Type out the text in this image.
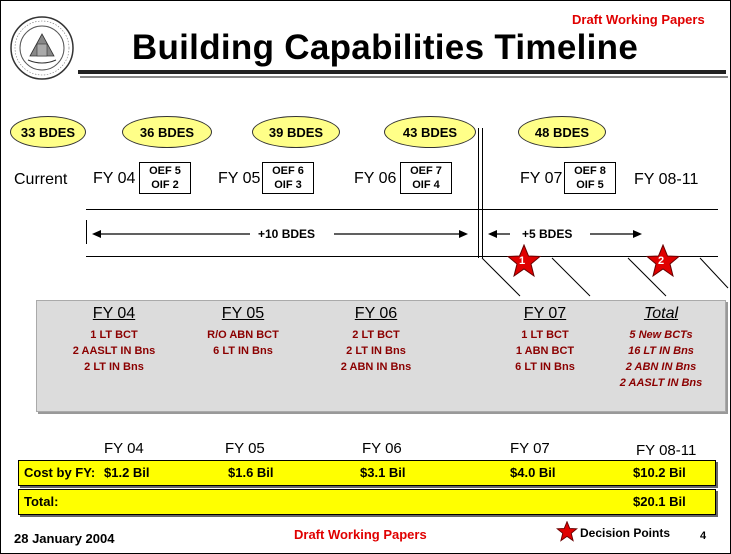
Draft Working Papers
Building Capabilities Timeline
33 BDES	36 BDES	39 BDES	43 BDES	48 BDES
Current FY 04	OEF 5
OIF 2	FY 05	OEF 6
OIF 3	FY 06	OEF 7
OIF 4	FY 07	OEF 8
OIF 5	FY 08-11
+10 BDES	+5 BDES
1	2
FY 04
1 LT BCT
2 AASLT IN Bns
2 LT IN Bns
FY 05
R/O ABN BCT
6 LT IN Bns
FY 06
2 LT BCT
2 LT IN Bns
2 ABN IN Bns
FY 07
1 LT BCT
1 ABN BCT
6 LT IN Bns
Total
5 New BCTs
16 LT IN Bns
2 ABN IN Bns
2 AASLT IN Bns
FY 04	FY 05	FY 06	FY 07	FY 08-11
Cost by FY: $1.2 Bil	$1.6 Bil	$3.1 Bil	$4.0 Bil	$10.2 Bil
Total:	$20.1 Bil
28 January 2004	Draft Working Papers	Decision Points	4
